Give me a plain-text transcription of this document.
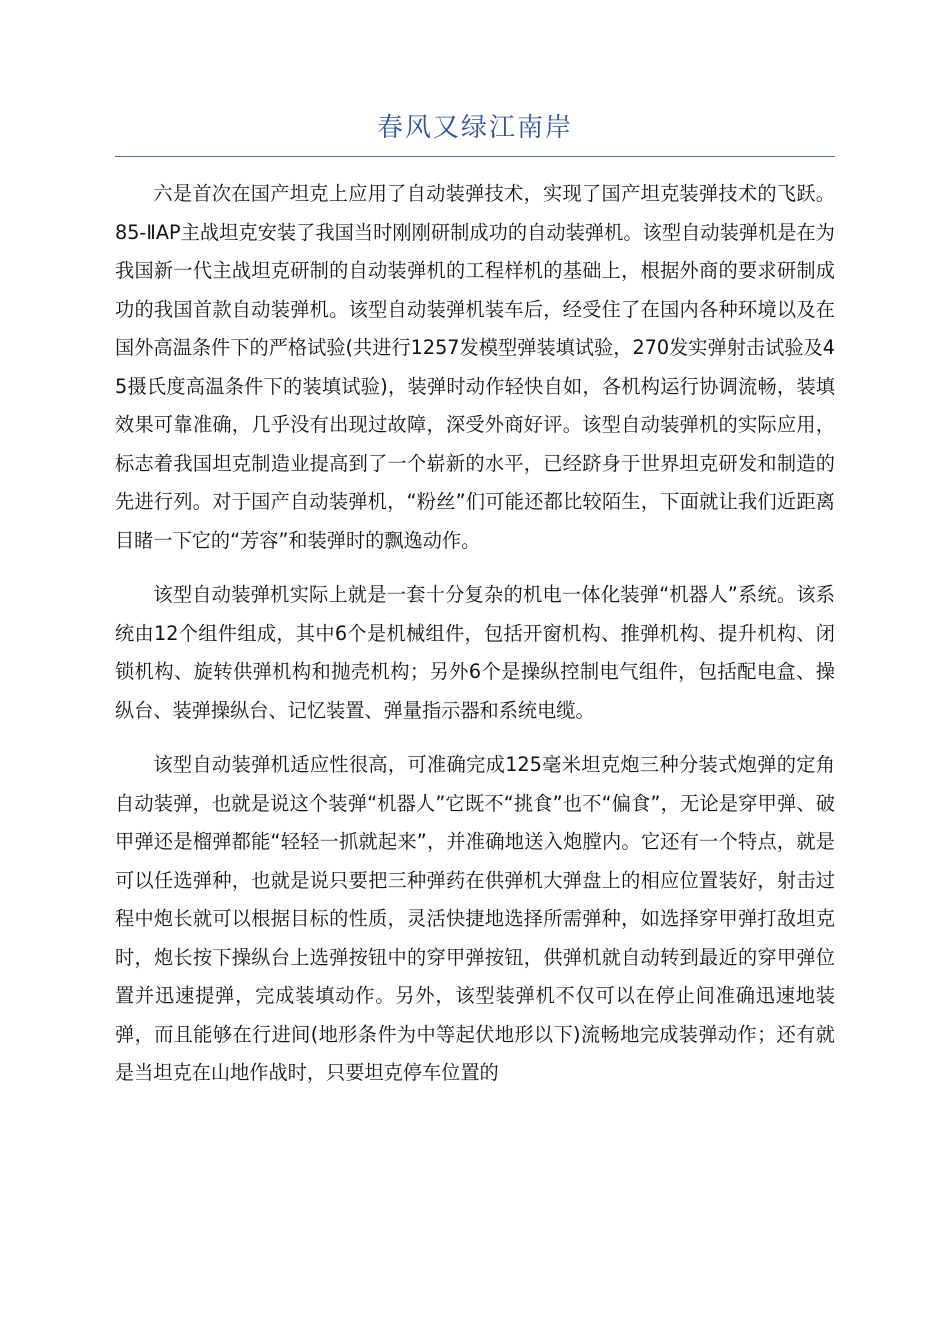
春风又绿江南岸

六是首次在国产坦克上应用了自动装弹技术，实现了国产坦克装弹技术的飞跃。85-ⅡAP主战坦克安装了我国当时刚刚研制成功的自动装弹机。该型自动装弹机是在为我国新一代主战坦克研制的自动装弹机的工程样机的基础上，根据外商的要求研制成功的我国首款自动装弹机。该型自动装弹机装车后，经受住了在国内各种环境以及在国外高温条件下的严格试验(共进行1257发模型弹装填试验，270发实弹射击试验及45摄氏度高温条件下的装填试验)，装弹时动作轻快自如，各机构运行协调流畅，装填效果可靠准确，几乎没有出现过故障，深受外商好评。该型自动装弹机的实际应用，标志着我国坦克制造业提高到了一个崭新的水平，已经跻身于世界坦克研发和制造的先进行列。对于国产自动装弹机，“粉丝”们可能还都比较陌生，下面就让我们近距离目睹一下它的“芳容”和装弹时的飘逸动作。

该型自动装弹机实际上就是一套十分复杂的机电一体化装弹“机器人”系统。该系统由12个组件组成，其中6个是机械组件，包括开窗机构、推弹机构、提升机构、闭锁机构、旋转供弹机构和抛壳机构；另外6个是操纵控制电气组件，包括配电盒、操纵台、装弹操纵台、记忆装置、弹量指示器和系统电缆。

该型自动装弹机适应性很高，可准确完成125毫米坦克炮三种分装式炮弹的定角自动装弹，也就是说这个装弹“机器人”它既不“挑食”也不“偏食”，无论是穿甲弹、破甲弹还是榴弹都能“轻轻一抓就起来”，并准确地送入炮膛内。它还有一个特点，就是可以任选弹种，也就是说只要把三种弹药在供弹机大弹盘上的相应位置装好，射击过程中炮长就可以根据目标的性质，灵活快捷地选择所需弹种，如选择穿甲弹打敌坦克时，炮长按下操纵台上选弹按钮中的穿甲弹按钮，供弹机就自动转到最近的穿甲弹位置并迅速提弹，完成装填动作。另外，该型装弹机不仅可以在停止间准确迅速地装弹，而且能够在行进间(地形条件为中等起伏地形以下)流畅地完成装弹动作；还有就是当坦克在山地作战时，只要坦克停车位置的
